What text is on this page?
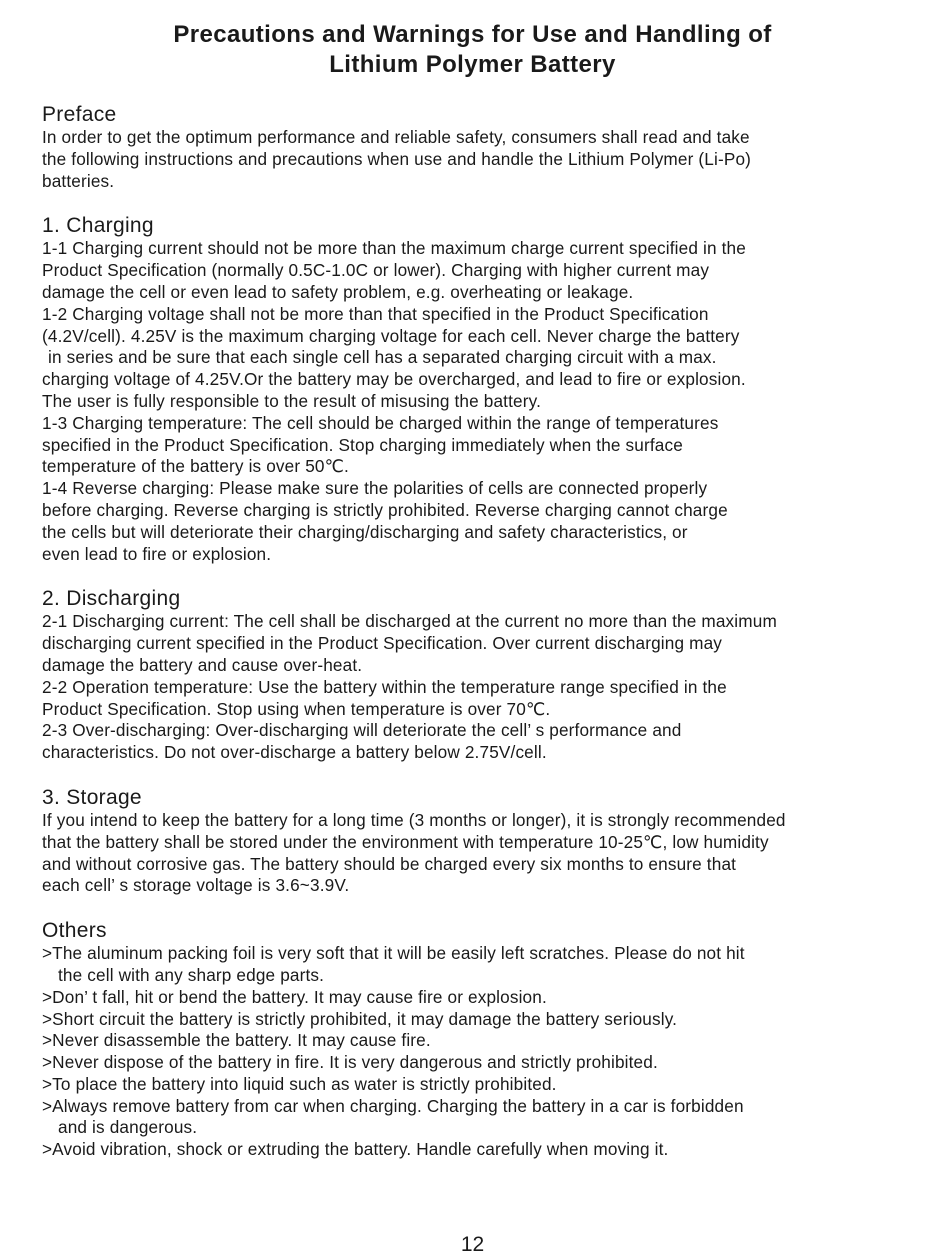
Precautions and Warnings for Use and Handling of
Lithium Polymer Battery
Preface
In order to get the optimum performance and reliable safety, consumers shall read and take
the following instructions and precautions when use and handle the Lithium Polymer (Li-Po)
batteries.
1. Charging
1-1 Charging current should not be more than the maximum charge current specified in the
Product Specification (normally 0.5C-1.0C or lower). Charging with higher current may
damage the cell or even lead to safety problem, e.g. overheating or leakage.
1-2 Charging voltage shall not be more than that specified in the Product Specification
(4.2V/cell). 4.25V is the maximum charging voltage for each cell. Never charge the battery
in series and be sure that each single cell has a separated charging circuit with a max.
charging voltage of 4.25V.Or the battery may be overcharged, and lead to fire or explosion.
The user is fully responsible to the result of misusing the battery.
1-3 Charging temperature: The cell should be charged within the range of temperatures
specified in the Product Specification. Stop charging immediately when the surface
temperature of the battery is over 50℃.
1-4 Reverse charging: Please make sure the polarities of cells are connected properly
before charging. Reverse charging is strictly prohibited. Reverse charging cannot charge
the cells but will deteriorate their charging/discharging and safety characteristics, or
even lead to fire or explosion.
2. Discharging
2-1 Discharging current: The cell shall be discharged at the current no more than the maximum
discharging current specified in the Product Specification. Over current discharging may
damage the battery and cause over-heat.
2-2 Operation temperature: Use the battery within the temperature range specified in the
Product Specification. Stop using when temperature is over 70℃.
2-3 Over-discharging: Over-discharging will deteriorate the cell’ s performance and
characteristics. Do not over-discharge a battery below 2.75V/cell.
3. Storage
If you intend to keep the battery for a long time (3 months or longer), it is strongly recommended
that the battery shall be stored under the environment with temperature 10-25℃, low humidity
and without corrosive gas. The battery should be charged every six months to ensure that
each cell’ s storage voltage is 3.6~3.9V.
Others
>The aluminum packing foil is very soft that it will be easily left scratches. Please do not hit
the cell with any sharp edge parts.
>Don’ t fall, hit or bend the battery. It may cause fire or explosion.
>Short circuit the battery is strictly prohibited, it may damage the battery seriously.
>Never disassemble the battery. It may cause fire.
>Never dispose of the battery in fire. It is very dangerous and strictly prohibited.
>To place the battery into liquid such as water is strictly prohibited.
>Always remove battery from car when charging. Charging the battery in a car is forbidden
and is dangerous.
>Avoid vibration, shock or extruding the battery. Handle carefully when moving it.
12
